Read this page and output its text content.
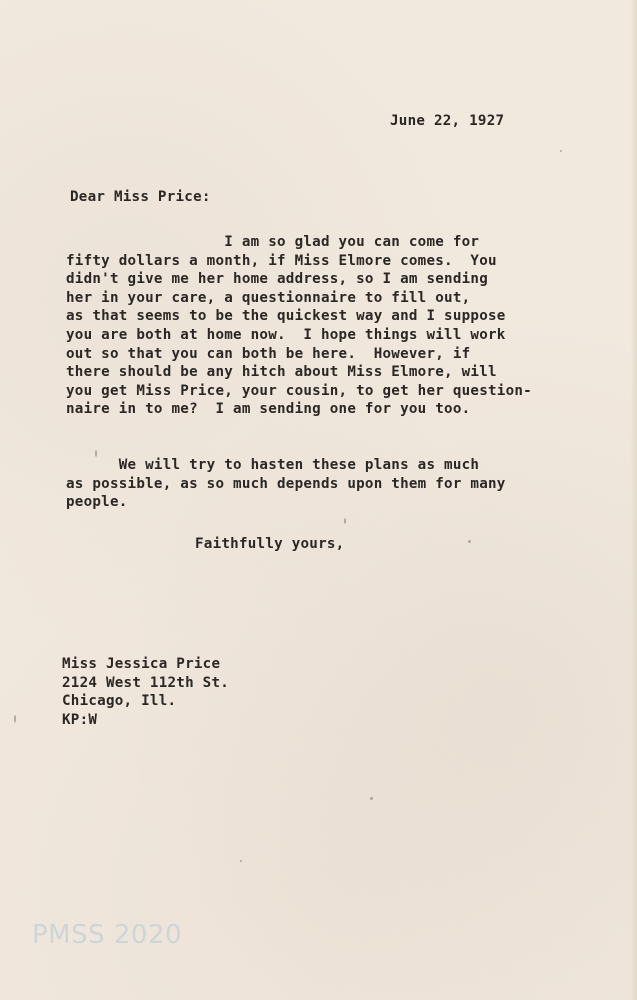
June 22, 1927
Dear Miss Price:
I am so glad you can come for
fifty dollars a month, if Miss Elmore comes.  You
didn't give me her home address, so I am sending
her in your care, a questionnaire to fill out,
as that seems to be the quickest way and I suppose
you are both at home now.  I hope things will work
out so that you can both be here.  However, if
there should be any hitch about Miss Elmore, will
you get Miss Price, your cousin, to get her question-
naire in to me?  I am sending one for you too.
We will try to hasten these plans as much
as possible, as so much depends upon them for many
people.
Faithfully yours,
Miss Jessica Price
2124 West 112th St.
Chicago, Ill.
KP:W
PMSS 2020
